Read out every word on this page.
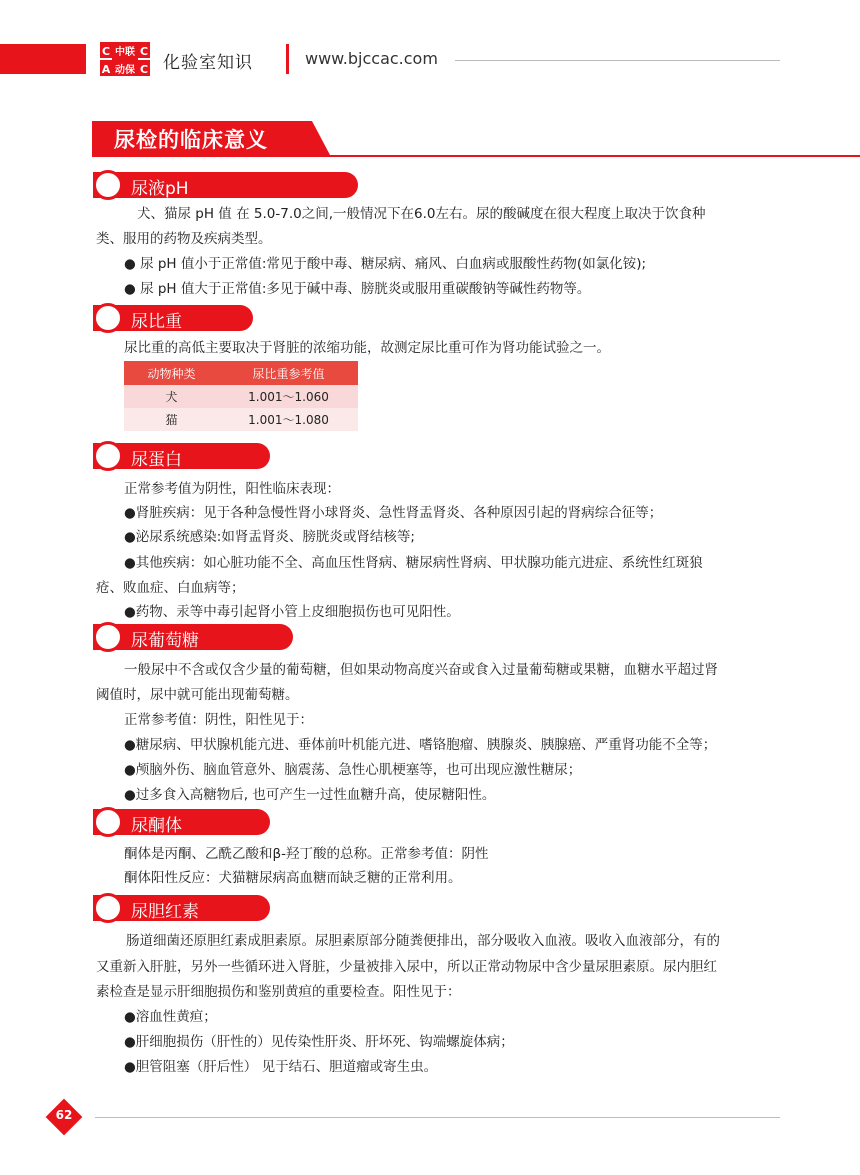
C 中联 C
A 动保 C 化验室知识	www.bjccac.com
尿检的临床意义
尿液pH
犬、猫尿 pH 值 在 5.0-7.0之间,一般情况下在6.0左右。尿的酸碱度在很大程度上取决于饮食种
类、服用的药物及疾病类型。
● 尿 pH 值小于正常值:常见于酸中毒、糖尿病、痛风、白血病或服酸性药物(如氯化铵);
● 尿 pH 值大于正常值:多见于碱中毒、膀胱炎或服用重碳酸钠等碱性药物等。
尿比重
尿比重的高低主要取决于肾脏的浓缩功能，故测定尿比重可作为肾功能试验之一。
动物种类	尿比重参考值
犬	1.001～1.060
猫	1.001～1.080
尿蛋白
正常参考值为阴性，阳性临床表现：
●肾脏疾病：见于各种急慢性肾小球肾炎、急性肾盂肾炎、各种原因引起的肾病综合征等；
●泌尿系统感染:如肾盂肾炎、膀胱炎或肾结核等;
●其他疾病：如心脏功能不全、高血压性肾病、糖尿病性肾病、甲状腺功能亢进症、系统性红斑狼
疮、败血症、白血病等；
●药物、汞等中毒引起肾小管上皮细胞损伤也可见阳性。
尿葡萄糖
一般尿中不含或仅含少量的葡萄糖，但如果动物高度兴奋或食入过量葡萄糖或果糖，血糖水平超过肾
阈值时，尿中就可能出现葡萄糖。
正常参考值：阴性，阳性见于：
●糖尿病、甲状腺机能亢进、垂体前叶机能亢进、嗜铬胞瘤、胰腺炎、胰腺癌、严重肾功能不全等；
●颅脑外伤、脑血管意外、脑震荡、急性心肌梗塞等，也可出现应激性糖尿；
●过多食入高糖物后, 也可产生一过性血糖升高，使尿糖阳性。
尿酮体
酮体是丙酮、乙酰乙酸和β-羟丁酸的总称。正常参考值：阴性
酮体阳性反应：犬猫糖尿病高血糖而缺乏糖的正常利用。
尿胆红素
肠道细菌还原胆红素成胆素原。尿胆素原部分随粪便排出，部分吸收入血液。吸收入血液部分，有的
又重新入肝脏，另外一些循环进入肾脏，少量被排入尿中，所以正常动物尿中含少量尿胆素原。尿内胆红
素检查是显示肝细胞损伤和鉴别黄疸的重要检查。阳性见于：
●溶血性黄疸；
●肝细胞损伤（肝性的）见传染性肝炎、肝坏死、钩端螺旋体病；
●胆管阻塞（肝后性） 见于结石、胆道瘤或寄生虫。
62
